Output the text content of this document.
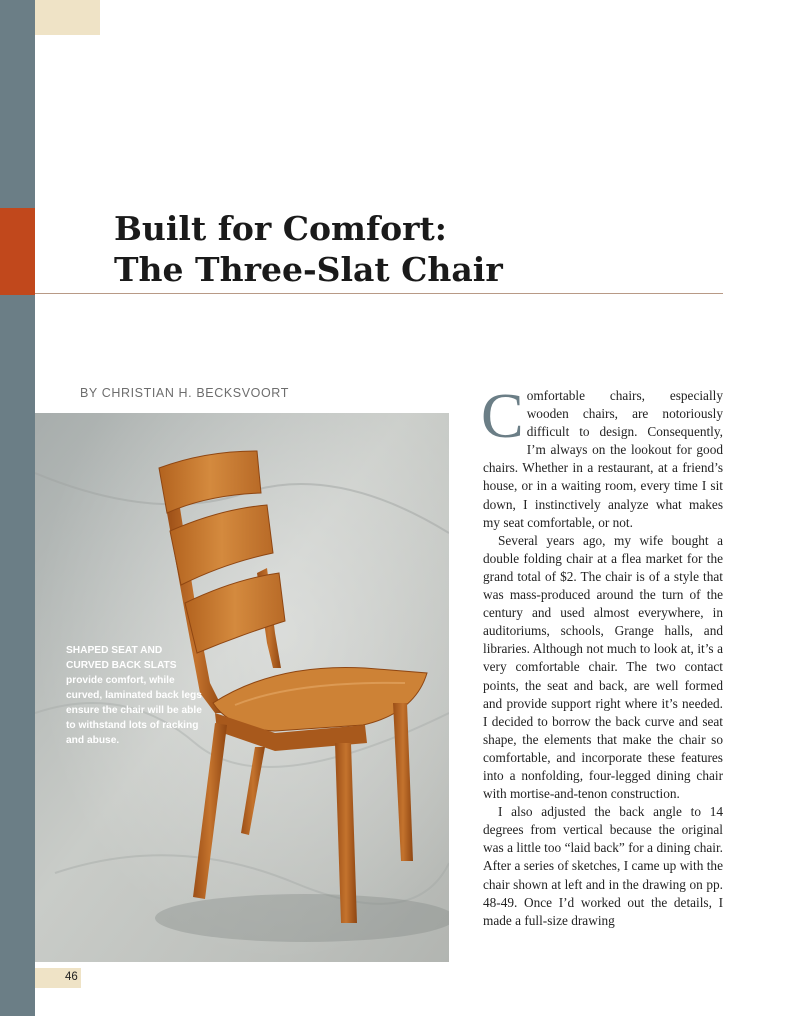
Built for Comfort:
The Three-Slat Chair
BY CHRISTIAN H. BECKSVOORT
SHAPED SEAT AND CURVED BACK SLATS provide comfort, while curved, laminated back legs ensure the chair will be able to withstand lots of racking and abuse.

Comfortable chairs, especially wooden chairs, are notoriously difficult to design. Consequently, I’m always on the lookout for good chairs. Whether in a restaurant, at a friend’s house, or in a waiting room, every time I sit down, I instinctively analyze what makes my seat comfortable, or not.

Several years ago, my wife bought a double folding chair at a flea market for the grand total of $2. The chair is of a style that was mass-produced around the turn of the century and used almost everywhere, in auditoriums, schools, Grange halls, and libraries. Although not much to look at, it’s a very comfortable chair. The two contact points, the seat and back, are well formed and provide support right where it’s needed. I decided to borrow the back curve and seat shape, the elements that make the chair so comfortable, and incorporate these features into a nonfolding, four-legged dining chair with mortise-and-tenon construction.

I also adjusted the back angle to 14 degrees from vertical because the original was a little too “laid back” for a dining chair. After a series of sketches, I came up with the chair shown at left and in the drawing on pp. 48-49. Once I’d worked out the details, I made a full-size drawing

46
